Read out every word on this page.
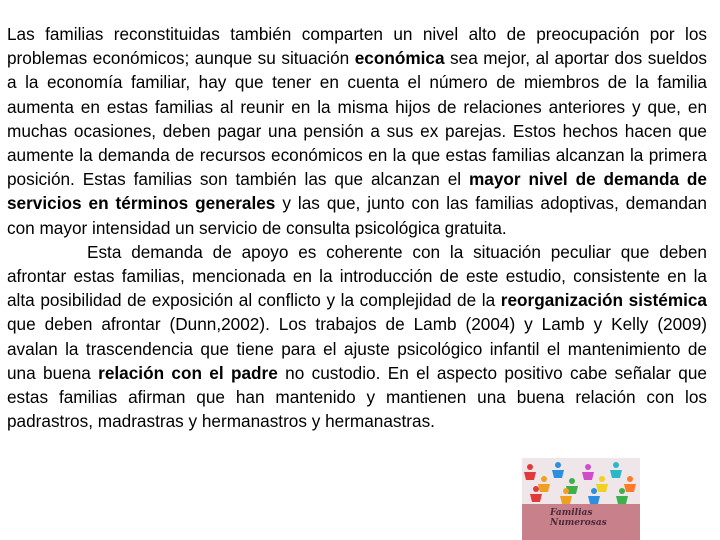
Las familias reconstituidas también comparten un nivel alto de preocupación por los problemas económicos; aunque su situación económica sea mejor, al aportar dos sueldos a la economía familiar, hay que tener en cuenta el número de miembros de la familia aumenta en estas familias al reunir en la misma hijos de relaciones anteriores y que, en muchas ocasiones, deben pagar una pensión a sus ex parejas. Estos hechos hacen que aumente la demanda de recursos económicos en la que estas familias alcanzan la primera posición. Estas familias son también las que alcanzan el mayor nivel de demanda de servicios en términos generales y las que, junto con las familias adoptivas, demandan con mayor intensidad un servicio de consulta psicológica gratuita.

Esta demanda de apoyo es coherente con la situación peculiar que deben afrontar estas familias, mencionada en la introducción de este estudio, consistente en la alta posibilidad de exposición al conflicto y la complejidad de la reorganización sistémica que deben afrontar (Dunn,2002). Los trabajos de Lamb (2004) y Lamb y Kelly (2009) avalan la trascendencia que tiene para el ajuste psicológico infantil el mantenimiento de una buena relación con el padre no custodio. En el aspecto positivo cabe señalar que estas familias afirman que han mantenido y mantienen una buena relación con los padrastros, madrastras y hermanastros y hermanastras.

Familias
Numerosas
